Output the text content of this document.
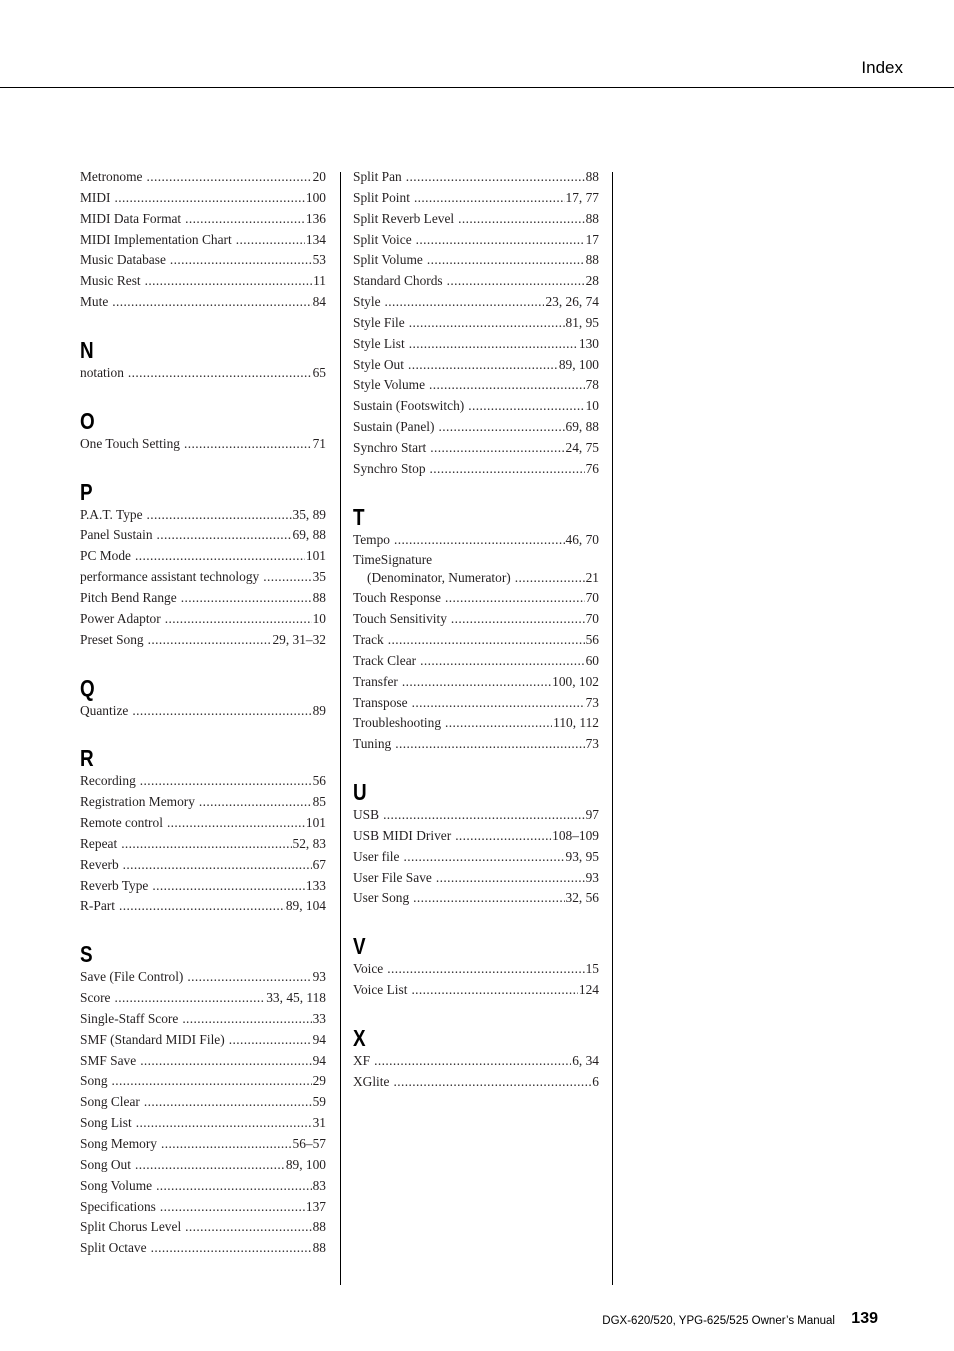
Index
Metronome .....	20
MIDI .....	100
MIDI Data Format .....	136
MIDI Implementation Chart .....	134
Music Database .....	53
Music Rest .....	11
Mute .....	84
N
notation .....	65
O
One Touch Setting .....	71
P
P.A.T. Type .....	35, 89
Panel Sustain .....	69, 88
PC Mode .....	101
performance assistant technology .....	35
Pitch Bend Range .....	88
Power Adaptor .....	10
Preset Song .....	29, 31–32
Q
Quantize .....	89
R
Recording .....	56
Registration Memory .....	85
Remote control .....	101
Repeat .....	52, 83
Reverb .....	67
Reverb Type .....	133
R-Part .....	89, 104
S
Save (File Control) .....	93
Score .....	33, 45, 118
Single-Staff Score .....	33
SMF (Standard MIDI File) .....	94
SMF Save .....	94
Song .....	29
Song Clear .....	59
Song List .....	31
Song Memory .....	56–57
Song Out .....	89, 100
Song Volume .....	83
Specifications .....	137
Split Chorus Level .....	88
Split Octave .....	88
Split Pan .....	88
Split Point .....	17, 77
Split Reverb Level .....	88
Split Voice .....	17
Split Volume .....	88
Standard Chords .....	28
Style .....	23, 26, 74
Style File .....	81, 95
Style List .....	130
Style Out .....	89, 100
Style Volume .....	78
Sustain (Footswitch) .....	10
Sustain (Panel) .....	69, 88
Synchro Start .....	24, 75
Synchro Stop .....	76
T
Tempo .....	46, 70
TimeSignature
(Denominator, Numerator) .....	21
Touch Response .....	70
Touch Sensitivity .....	70
Track .....	56
Track Clear .....	60
Transfer .....	100, 102
Transpose .....	73
Troubleshooting .....	110, 112
Tuning .....	73
U
USB .....	97
USB MIDI Driver .....	108–109
User file .....	93, 95
User File Save .....	93
User Song .....	32, 56
V
Voice .....	15
Voice List .....	124
X
XF .....	6, 34
XGlite .....	6
DGX-620/520, YPG-625/525 Owner’s Manual 139
